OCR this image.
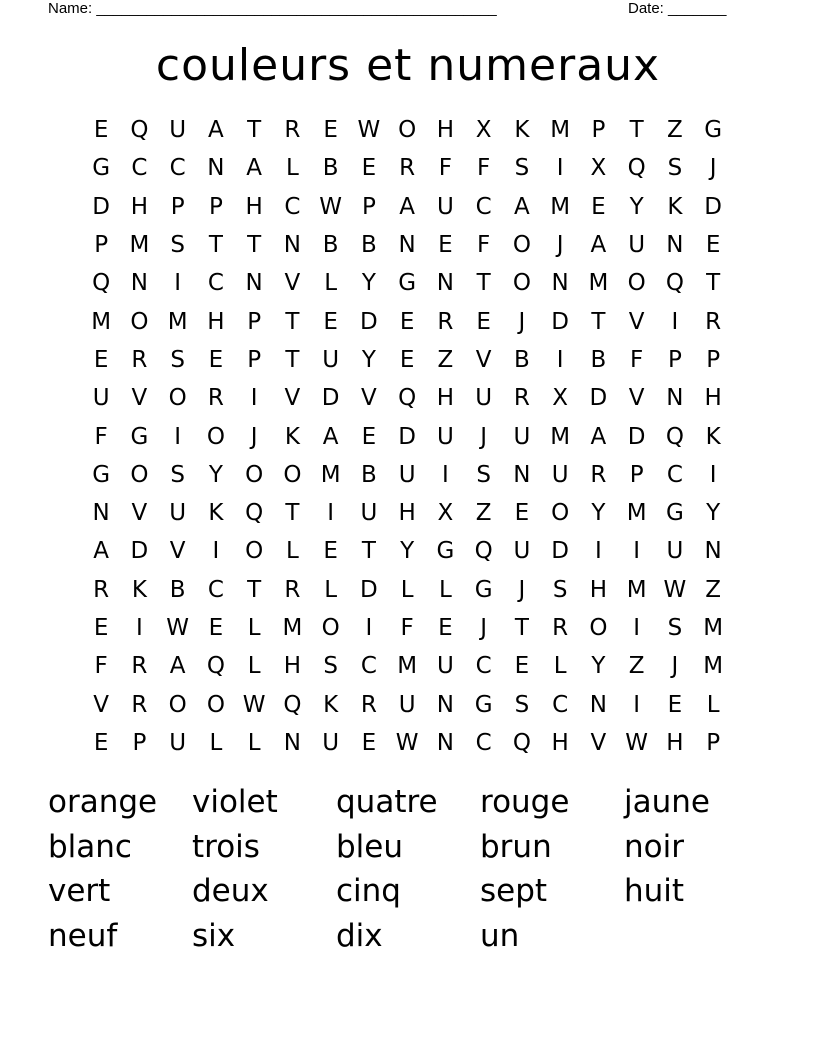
Name: ________________________________________________	Date: _______
couleurs et numeraux
E Q U A	T	R E W O H X K M P	T	Z G
G C C N A	L	B	E R	F	F	S	I	X Q S	J
D H P	P H C W P	A U C A M E	Y	K D
P M S	T	T N B B N E	F O	J	A U N E
Q N	I	C N V	L	Y G N T O N M O Q T
M O M H P	T	E D E R E	J	D T	V	I	R
E R S	E	P	T U Y	E	Z V B	I	B	F	P	P
U V O R	I	V D V Q H U R X D V N H
F G	I	O	J	K A	E D U	J	U M A D Q K
G O S	Y O O M B U	I	S N U R	P	C	I
N V U K Q T	I	U H X Z	E O Y M G Y
A D V	I	O L	E	T	Y G Q U D	I	I	U N
R K B C	T	R	L D L	L G	J	S H M W Z
E	I	W E	L M O	I	F	E	J	T	R O	I	S M
F	R A Q L	H S C M U C E	L	Y	Z	J	M
V R O O W Q K R U N G S C N	I	E	L
E	P U	L	L	N U E W N C Q H V W H P
orange	violet	quatre	rouge	jaune
blanc	trois	bleu	brun	noir
vert	deux	cinq	sept	huit
neuf	six	dix	un
